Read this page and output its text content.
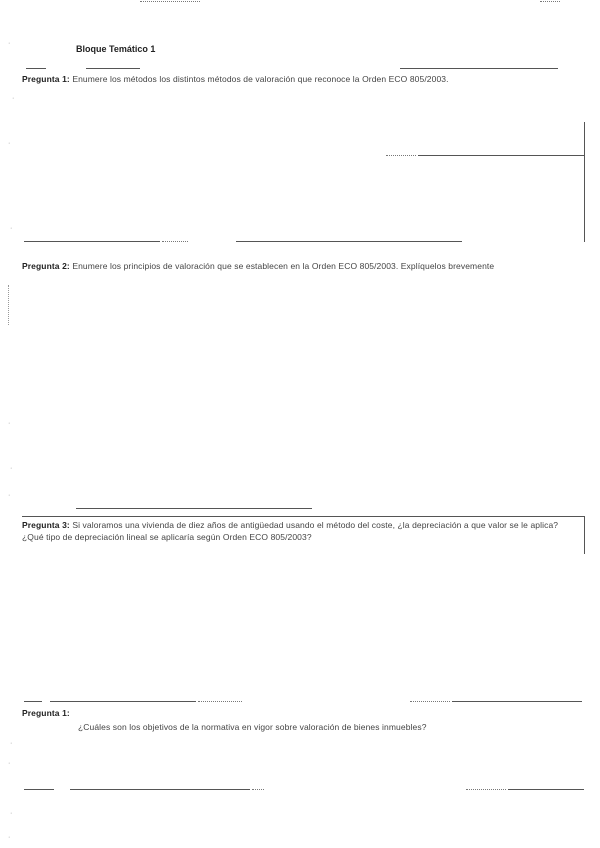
Bloque Temático 1
Pregunta 1: Enumere los métodos los distintos métodos de valoración que reconoce la Orden ECO 805/2003.
Pregunta 2: Enumere los principios de valoración que se establecen en la Orden ECO 805/2003. Explíquelos brevemente
Pregunta 3: Si valoramos una vivienda de diez años de antigüedad usando el método del coste, ¿la depreciación a que valor se le aplica? ¿Qué tipo de depreciación lineal se aplicaría según Orden ECO 805/2003?
Pregunta 1:
¿Cuáles son los objetivos de la normativa en vigor sobre valoración de bienes inmuebles?
·
·
·
·
·
·
·
·
·
·
·
